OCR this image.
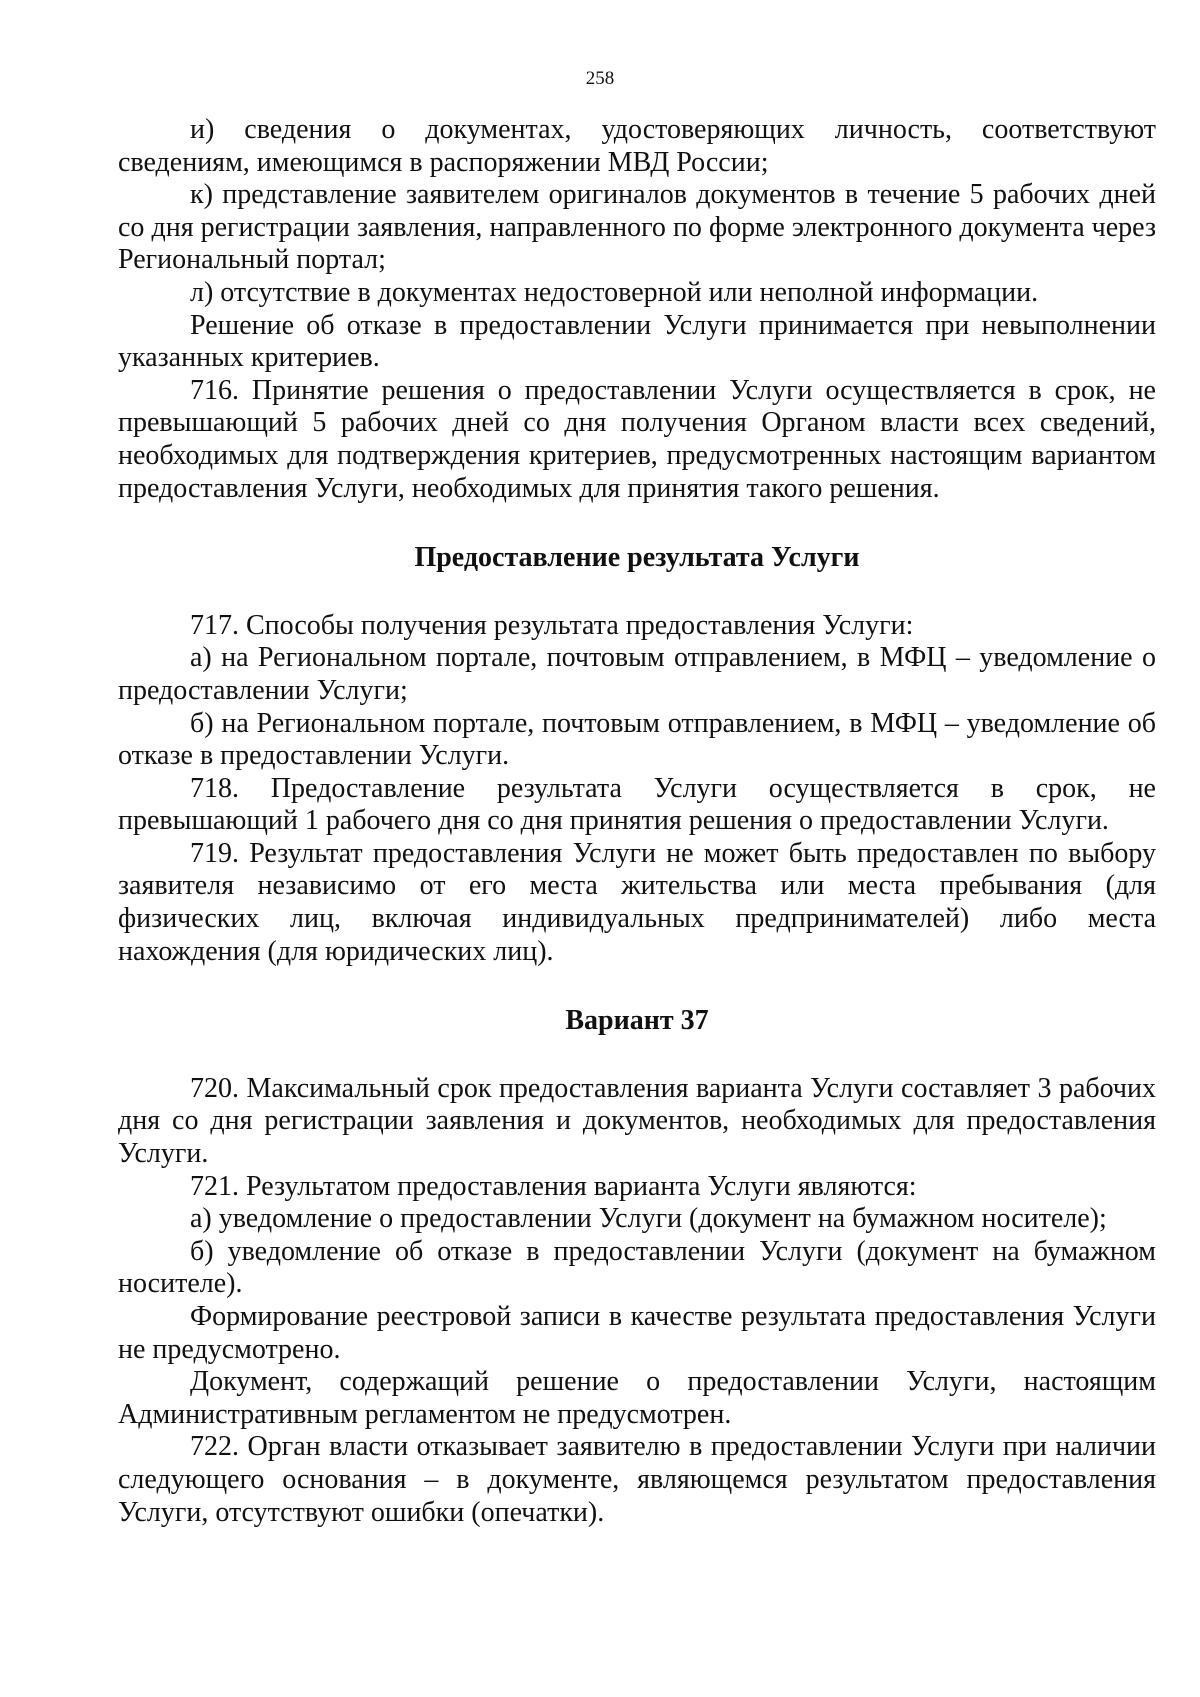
258

и) сведения о документах, удостоверяющих личность, соответствуют сведениям, имеющимся в распоряжении МВД России;

к) представление заявителем оригиналов документов в течение 5 рабочих дней со дня регистрации заявления, направленного по форме электронного документа через Региональный портал;

л) отсутствие в документах недостоверной или неполной информации.

Решение об отказе в предоставлении Услуги принимается при невыполнении указанных критериев.

716. Принятие решения о предоставлении Услуги осуществляется в срок, не превышающий 5 рабочих дней со дня получения Органом власти всех сведений, необходимых для подтверждения критериев, предусмотренных настоящим вариантом предоставления Услуги, необходимых для принятия такого решения.

Предоставление результата Услуги

717. Способы получения результата предоставления Услуги:

а) на Региональном портале, почтовым отправлением, в МФЦ – уведомление о предоставлении Услуги;

б) на Региональном портале, почтовым отправлением, в МФЦ – уведомление об отказе в предоставлении Услуги.

718. Предоставление результата Услуги осуществляется в срок, не превышающий 1 рабочего дня со дня принятия решения о предоставлении Услуги.

719. Результат предоставления Услуги не может быть предоставлен по выбору заявителя независимо от его места жительства или места пребывания (для физических лиц, включая индивидуальных предпринимателей) либо места нахождения (для юридических лиц).

Вариант 37

720. Максимальный срок предоставления варианта Услуги составляет 3 рабочих дня со дня регистрации заявления и документов, необходимых для предоставления Услуги.

721. Результатом предоставления варианта Услуги являются:

а) уведомление о предоставлении Услуги (документ на бумажном носителе);

б) уведомление об отказе в предоставлении Услуги (документ на бумажном носителе).

Формирование реестровой записи в качестве результата предоставления Услуги не предусмотрено.

Документ, содержащий решение о предоставлении Услуги, настоящим Административным регламентом не предусмотрен.

722. Орган власти отказывает заявителю в предоставлении Услуги при наличии следующего основания – в документе, являющемся результатом предоставления Услуги, отсутствуют ошибки (опечатки).
